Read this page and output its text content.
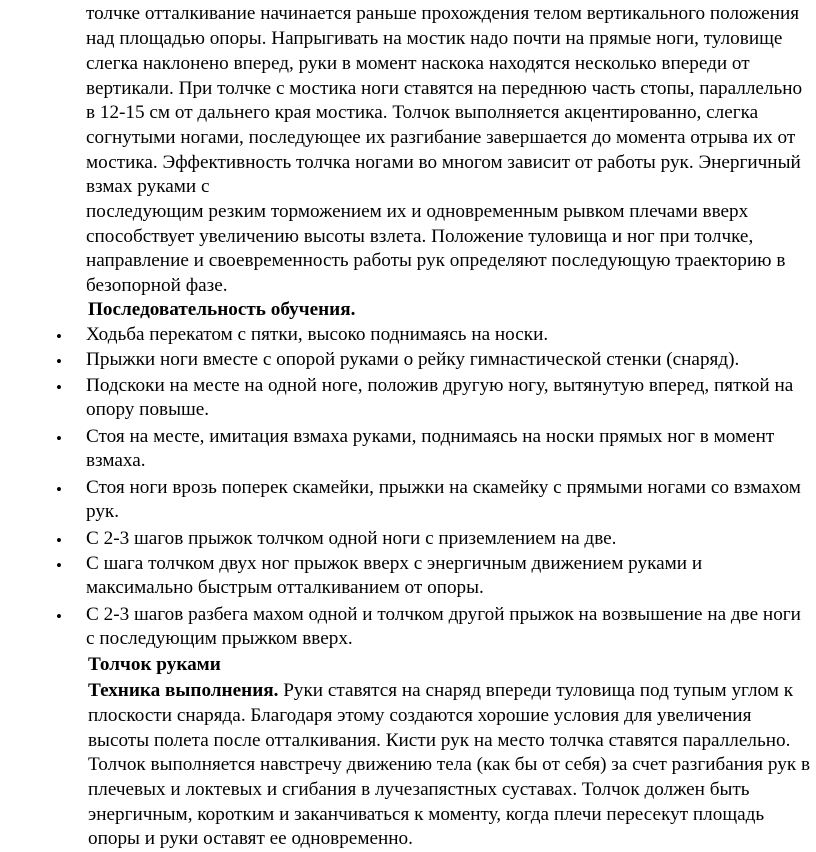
толчке отталкивание начинается раньше прохождения телом вертикального положения
над площадью опоры. Напрыгивать на мостик надо почти на прямые ноги, туловище
слегка наклонено вперед, руки в момент наскока находятся несколько впереди от
вертикали. При толчке с мостика ноги ставятся на переднюю часть стопы, параллельно
в 12-15 см от дальнего края мостика. Толчок выполняется акцентированно, слегка
согнутыми ногами, последующее их разгибание завершается до момента отрыва их от
мостика. Эффективность толчка ногами во многом зависит от работы рук. Энергичный
взмах руками с
последующим резким торможением их и одновременным рывком плечами вверх
способствует увеличению высоты взлета. Положение туловища и ног при толчке,
направление и своевременность работы рук определяют последующую траекторию в
безопорной фазе.
Последовательность обучения.
• Ходьба перекатом с пятки, высоко поднимаясь на носки.
• Прыжки ноги вместе с опорой руками о рейку гимнастической стенки (снаряд).
• Подскоки на месте на одной ноге, положив другую ногу, вытянутую вперед, пяткой на
опору повыше.
• Стоя на месте, имитация взмаха руками, поднимаясь на носки прямых ног в момент
взмаха.
• Стоя ноги врозь поперек скамейки, прыжки на скамейку с прямыми ногами со взмахом
рук.
• С 2-3 шагов прыжок толчком одной ноги с приземлением на две.
• С шага толчком двух ног прыжок вверх с энергичным движением руками и
максимально быстрым отталкиванием от опоры.
• С 2-3 шагов разбега махом одной и толчком другой прыжок на возвышение на две ноги
с последующим прыжком вверх.
Толчок руками
Техника выполнения. Руки ставятся на снаряд впереди туловища под тупым углом к
плоскости снаряда. Благодаря этому создаются хорошие условия для увеличения
высоты полета после отталкивания. Кисти рук на место толчка ставятся параллельно.
Толчок выполняется навстречу движению тела (как бы от себя) за счет разгибания рук в
плечевых и локтевых и сгибания в лучезапястных суставах. Толчок должен быть
энергичным, коротким и заканчиваться к моменту, когда плечи пересекут площадь
опоры и руки оставят ее одновременно.
